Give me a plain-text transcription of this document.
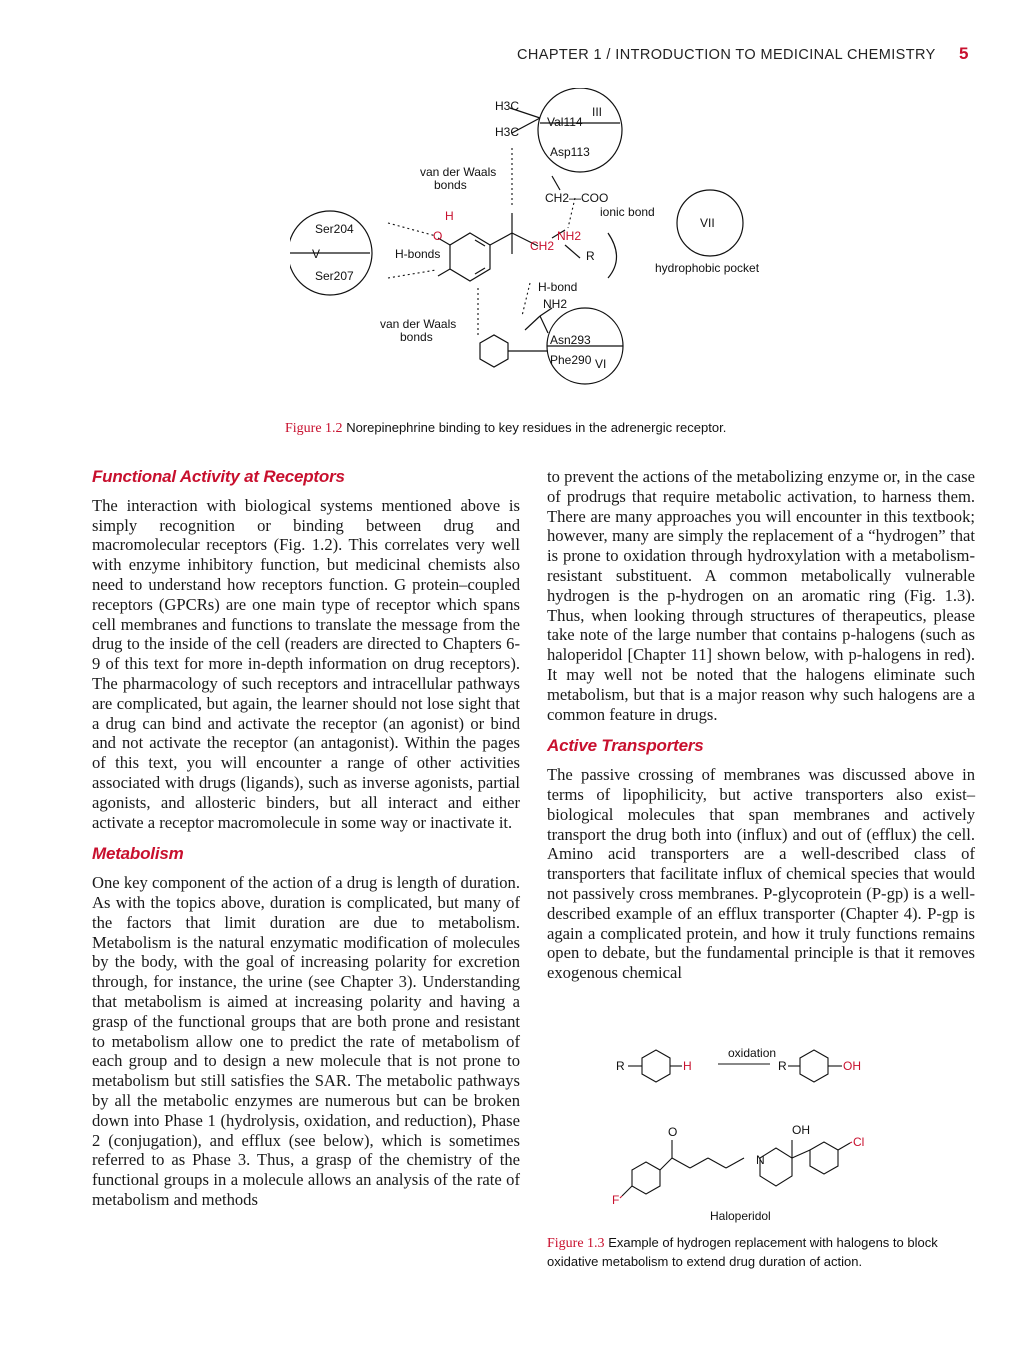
CHAPTER 1 / INTRODUCTION TO MEDICINAL CHEMISTRY 5
H3C
H3C
Val114
III
Asp113
van der Waals
bonds
CH2—COO
ionic bond
VII
hydrophobic pocket
Ser204
V
Ser207
H-bonds
H-bond
NH2
NH2
CH2
R
O
H
van der Waals
bonds	Asn293
Phe290 VI
Figure 1.2 Norepinephrine binding to key residues in the adrenergic receptor.
Functional Activity at Receptors

The interaction with biological systems mentioned above is simply recognition or binding between drug and macromolecular receptors (Fig. 1.2). This correlates very well with enzyme inhibitory function, but medicinal chemists also need to understand how receptors function. G protein–coupled receptors (GPCRs) are one main type of receptor which spans cell membranes and functions to translate the message from the drug to the inside of the cell (readers are directed to Chapters 6-9 of this text for more in-depth information on drug receptors). The pharmacology of such receptors and intracellular pathways are complicated, but again, the learner should not lose sight that a drug can bind and activate the receptor (an agonist) or bind and not activate the receptor (an antagonist). Within the pages of this text, you will encounter a range of other activities associated with drugs (ligands), such as inverse agonists, partial agonists, and allosteric binders, but all interact and either activate a receptor macromolecule in some way or inactivate it.

Metabolism

One key component of the action of a drug is length of duration. As with the topics above, duration is complicated, but many of the factors that limit duration are due to metabolism. Metabolism is the natural enzymatic modification of molecules by the body, with the goal of increasing polarity for excretion through, for instance, the urine (see Chapter 3). Understanding that metabolism is aimed at increasing polarity and having a grasp of the functional groups that are both prone and resistant to metabolism allow one to predict the rate of metabolism of each group and to design a new molecule that is not prone to metabolism but still satisfies the SAR. The metabolic pathways by all the metabolic enzymes are numerous but can be broken down into Phase 1 (hydrolysis, oxidation, and reduction), Phase 2 (conjugation), and efflux (see below), which is sometimes referred to as Phase 3. Thus, a grasp of the chemistry of the functional groups in a molecule allows an analysis of the rate of metabolism and methods

to prevent the actions of the metabolizing enzyme or, in the case of prodrugs that require metabolic activation, to harness them. There are many approaches you will encounter in this textbook; however, many are simply the replacement of a “hydrogen” that is prone to oxidation through hydroxylation with a metabolism-resistant substituent. A common metabolically vulnerable hydrogen is the p-hydrogen on an aromatic ring (Fig. 1.3). Thus, when looking through structures of therapeutics, please take note of the large number that contains p-halogens (such as haloperidol [Chapter 11] shown below, with p-halogens in red). It may well not be noted that the halogens eliminate such metabolism, but that is a major reason why such halogens are a common feature in drugs.

Active Transporters

The passive crossing of membranes was discussed above in terms of lipophilicity, but active transporters also exist–biological molecules that span membranes and actively transport the drug both into (influx) and out of (efflux) the cell. Amino acid transporters are a well-described class of transporters that facilitate influx of chemical species that would not passively cross membranes. P-glycoprotein (P-gp) is a well-described example of an efflux transporter (Chapter 4). P-gp is again a complicated protein, and how it truly functions remains open to debate, but the fundamental principle is that it removes exogenous chemical

R	H
oxidation
R	OH
OH
O
N
Cl
F
Haloperidol
Figure 1.3 Example of hydrogen replacement with halogens to block oxidative metabolism to extend drug duration of action.
